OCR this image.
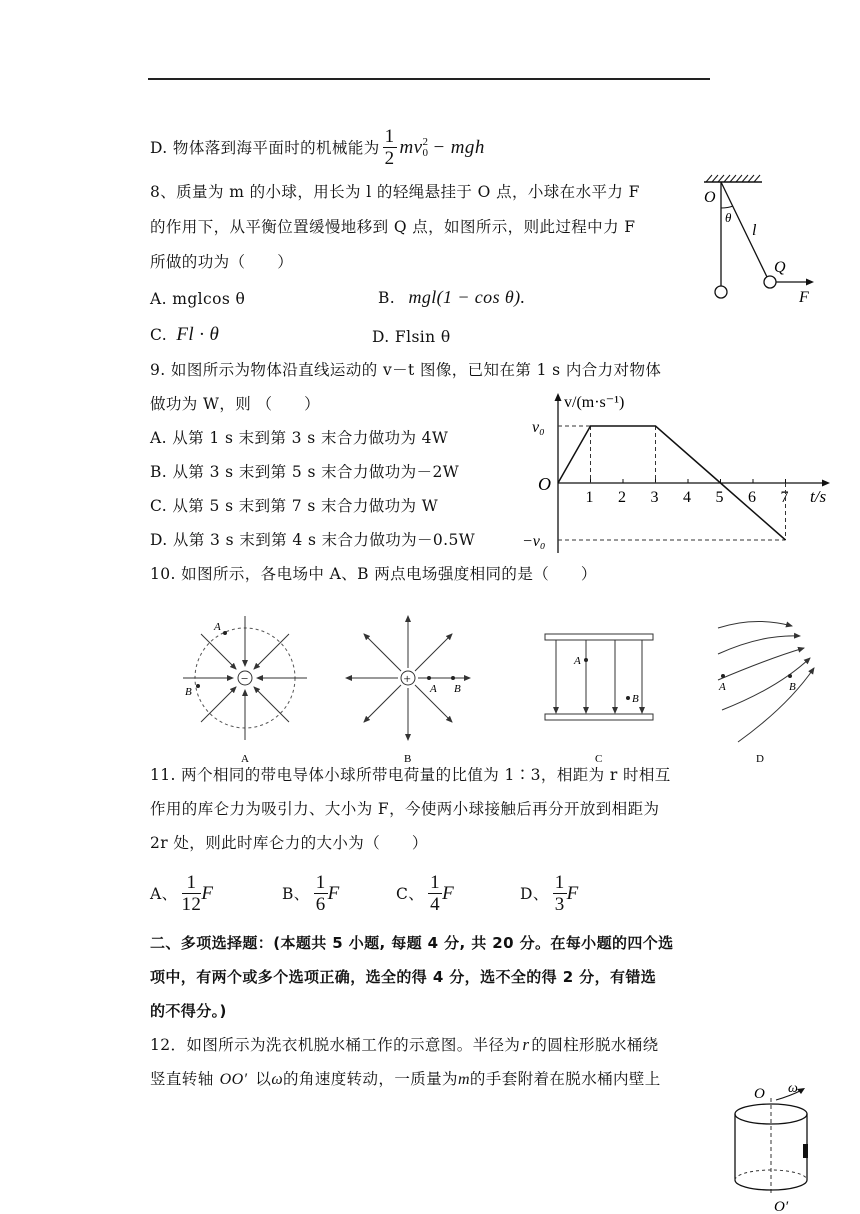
D. 物体落到海平面时的机械能为 $\frac{1}{2}$ mv 2
0 − mgh
8、质量为 m 的小球，用长为 l 的轻绳悬挂于 O 点，小球在水平力 F
的作用下，从平衡位置缓慢地移到 Q 点，如图所示，则此过程中力 F
所做的功为（　　）
A. mglcos θ	B. mgl(1 − cos θ).
C. Fl · θ	D. Flsin θ
O
θ
l
Q
F
9. 如图所示为物体沿直线运动的 v－t 图像，已知在第 1 s 内合力对物体
做功为 W，则 （　　）
A. 从第 1 s 末到第 3 s 末合力做功为 4W
B. 从第 3 s 末到第 5 s 末合力做功为－2W
C. 从第 5 s 末到第 7 s 末合力做功为 W
D. 从第 3 s 末到第 4 s 末合力做功为－0.5W
v/(m·s⁻¹)
t/s
O
1 2 3 4 5 6 7
v₀
−v₀
10. 如图所示，各电场中 A、B 两点电场强度相同的是（　　）
−
A
B
A
+
A B
B
A
B
C
A	B
D
11. 两个相同的带电导体小球所带电荷量的比值为 1∶3，相距为 r 时相互
作用的库仑力为吸引力、大小为 F，今使两小球接触后再分开放到相距为
2r 处，则此时库仑力的大小为（　　）
A、 $\frac{1}{12}$ F	B、 $\frac{1}{6}$ F	C、 $\frac{1}{4}$ F	D、 $\frac{1}{3}$ F
二、多项选择题：(本题共 5 小题, 每题 4 分, 共 20 分。在每小题的四个选
项中，有两个或多个选项正确，选全的得 4 分，选不全的得 2 分，有错选
的不得分。)
12．如图所示为洗衣机脱水桶工作的示意图。半径为 r 的圆柱形脱水桶绕
竖直转轴 OO′ 以ω的角速度转动，一质量为m的手套附着在脱水桶内壁上
O ω
O′
